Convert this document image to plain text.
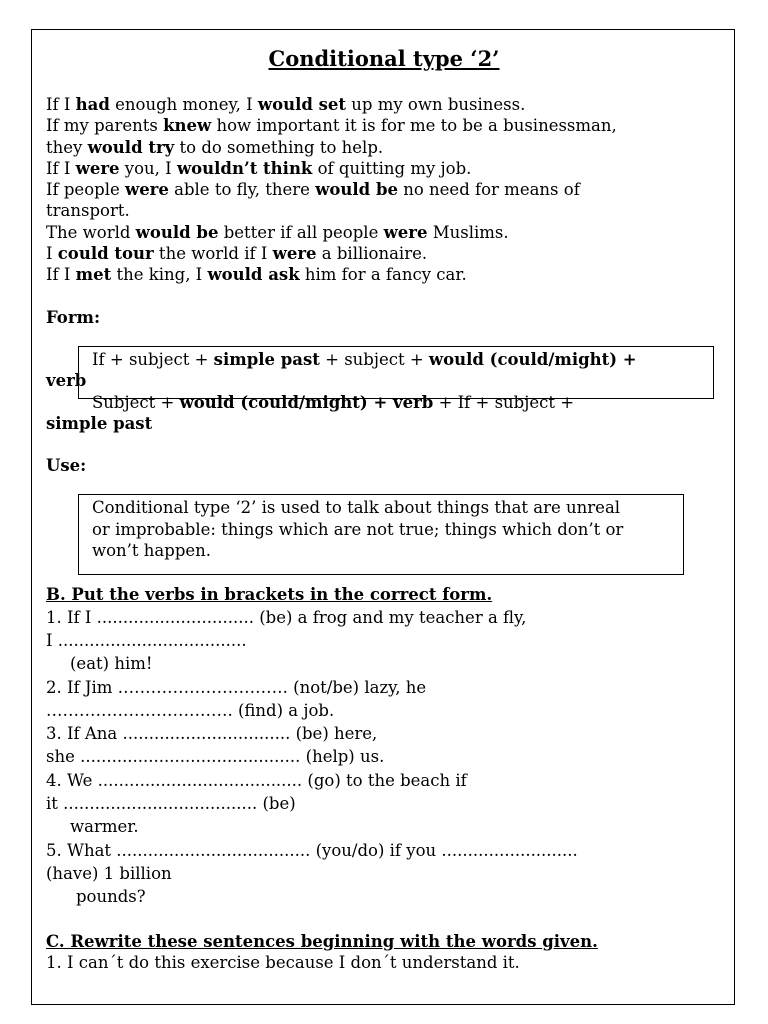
Conditional type ‘2’

If I had enough money, I would set up my own business.

If my parents knew how important it is for me to be a businessman,

they would try to do something to help.

If I were you, I wouldn’t think of quitting my job.

If people were able to fly, there would be no need for means of

transport.

The world would be better if all people were Muslims.

I could tour the world if I were a billionaire.

If I met the king, I would ask him for a fancy car.

Form:

If + subject + simple past + subject + would (could/might) +

verb

Subject + would (could/might) + verb + If + subject +

simple past

Use:

Conditional type ‘2’ is used to talk about things that are unreal

or improbable: things which are not true; things which don’t or

won’t happen.

B. Put the verbs in brackets in the correct form.

1. If I .............................. (be) a frog and my teacher a fly,

I ....................................

(eat) him!

2. If Jim …………………………. (not/be) lazy, he

……………………………. (find) a job.

3. If Ana ................................ (be) here,

she .......................................... (help) us.

4. We ....................................... (go) to the beach if

it ..................................... (be)

warmer.

5. What ..................................... (you/do) if you ..........................

(have) 1 billion

pounds?

C. Rewrite these sentences beginning with the words given.

1. I can´t do this exercise because I don´t understand it.
